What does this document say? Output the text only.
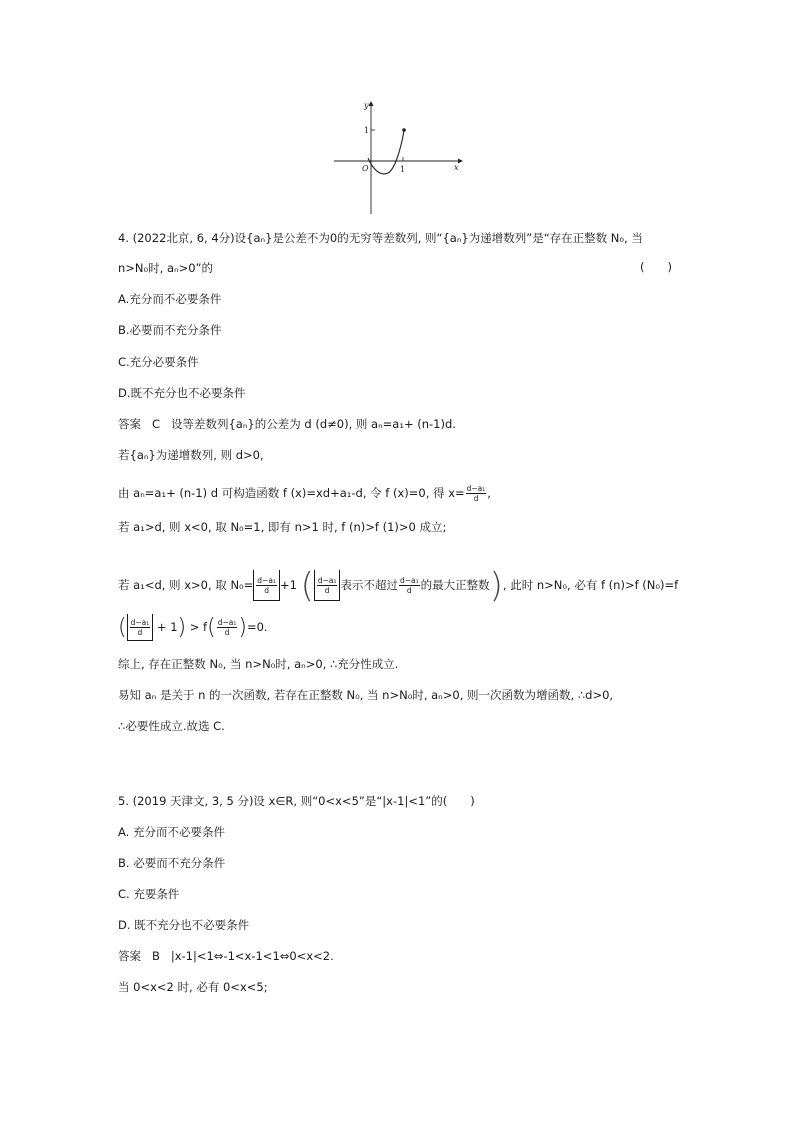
y
x
O
1
1
4. (2022北京, 6, 4分)设{aₙ}是公差不为0的无穷等差数列, 则“{aₙ}为递增数列”是“存在正整数 N₀, 当
n>N₀时, aₙ>0”的	(　　)
A.充分而不必要条件
B.必要而不充分条件
C.充分必要条件
D.既不充分也不必要条件
答案 C 设等差数列{aₙ}的公差为 d (d≠0), 则 aₙ=a₁+ (n-1)d.
若{aₙ}为递增数列, 则 d>0,
由 aₙ=a₁+ (n-1) d 可构造函数 f (x)=xd+a₁-d, 令 f (x)=0, 得 $x= \frac{\text{d−a₁}}{d}$ ,
若 a₁>d, 则 x<0, 取 N₀=1, 即有 n>1 时, f (n)>f (1)>0 成立;
若 a₁<d, 则 x>0, 取 $N_0= \frac{\text{d−a₁}}{d} +1$ ( $\frac{\text{d−a₁}}{d}$ 表示不超过 $\frac{\text{d−a₁}}{d}$ 的最大正整数), 此时 n>N₀, 必有 f (n)>f (N₀)=f
( $\frac{\text{d−a₁}}{d} + 1) > f( \frac{\text{d−a₁}}{d} )=0$.
综上, 存在正整数 N₀, 当 n>N₀时, aₙ>0, ∴充分性成立.
易知 aₙ 是关于 n 的一次函数, 若存在正整数 N₀, 当 n>N₀时, aₙ>0, 则一次函数为增函数, ∴d>0,
∴必要性成立.故选 C.
5. (2019 天津文, 3, 5 分)设 x∈R, 则“0<x<5”是“|x-1|<1”的(　　)
A. 充分而不必要条件
B. 必要而不充分条件
C. 充要条件
D. 既不充分也不必要条件
答案 B |x-1|<1⇔-1<x-1<1⇔0<x<2.
当 0<x<2 时, 必有 0<x<5;
